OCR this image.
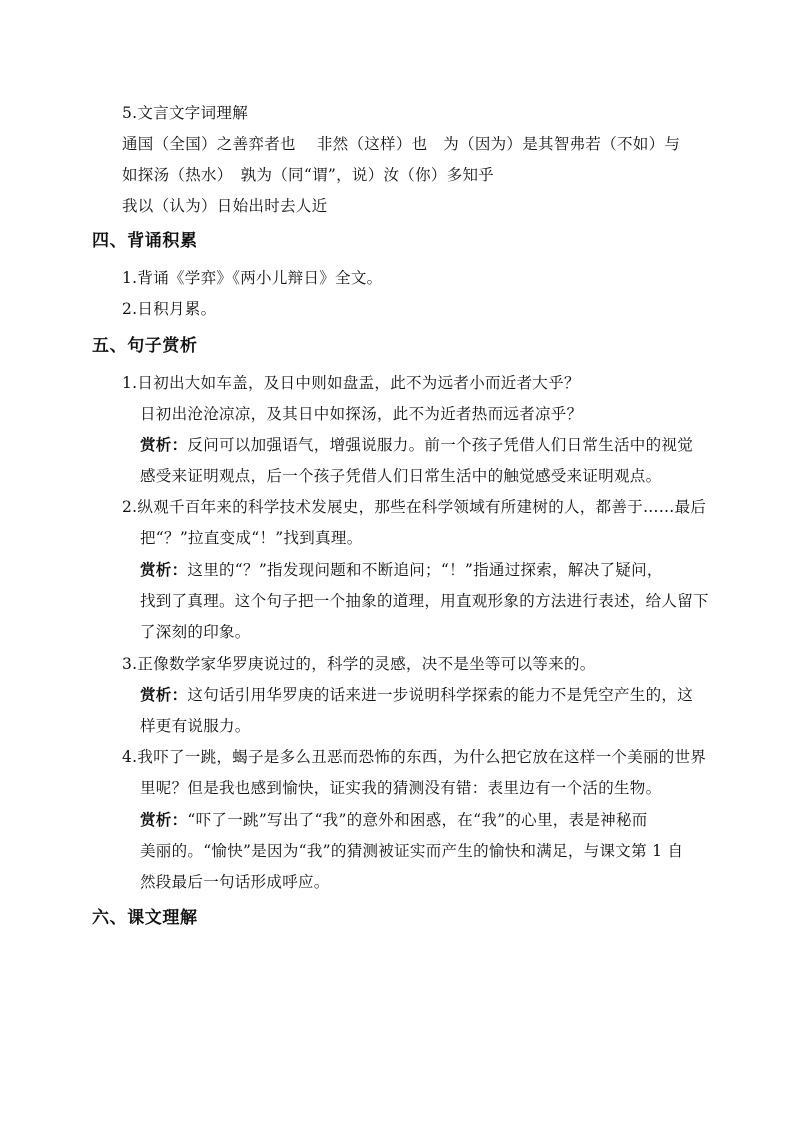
5.文言文字词理解
通国（全国）之善弈者也　 非然（这样）也　为（因为）是其智弗若（不如）与
如探汤（热水）　孰为（同“谓”，说）汝（你）多知乎
我以（认为）日始出时去人近
四、背诵积累
1.背诵《学弈》《两小儿辩日》全文。
2.日积月累。
五、句子赏析
1.日初出大如车盖，及日中则如盘盂，此不为远者小而近者大乎？
日初出沧沧凉凉，及其日中如探汤，此不为近者热而远者凉乎？
赏析：反问可以加强语气，增强说服力。前一个孩子凭借人们日常生活中的视觉
感受来证明观点，后一个孩子凭借人们日常生活中的触觉感受来证明观点。
2.纵观千百年来的科学技术发展史，那些在科学领域有所建树的人，都善于……最后
把“？”拉直变成“！”找到真理。
赏析：这里的“？”指发现问题和不断追问；“！”指通过探索，解决了疑问，
找到了真理。这个句子把一个抽象的道理，用直观形象的方法进行表述，给人留下
了深刻的印象。
3.正像数学家华罗庚说过的，科学的灵感，决不是坐等可以等来的。
赏析：这句话引用华罗庚的话来进一步说明科学探索的能力不是凭空产生的，这
样更有说服力。
4.我吓了一跳，蝎子是多么丑恶而恐怖的东西，为什么把它放在这样一个美丽的世界
里呢？但是我也感到愉快，证实我的猜测没有错：表里边有一个活的生物。
赏析：“吓了一跳”写出了“我”的意外和困惑，在“我”的心里，表是神秘而
美丽的。“愉快”是因为“我”的猜测被证实而产生的愉快和满足，与课文第 1 自
然段最后一句话形成呼应。
六、课文理解
